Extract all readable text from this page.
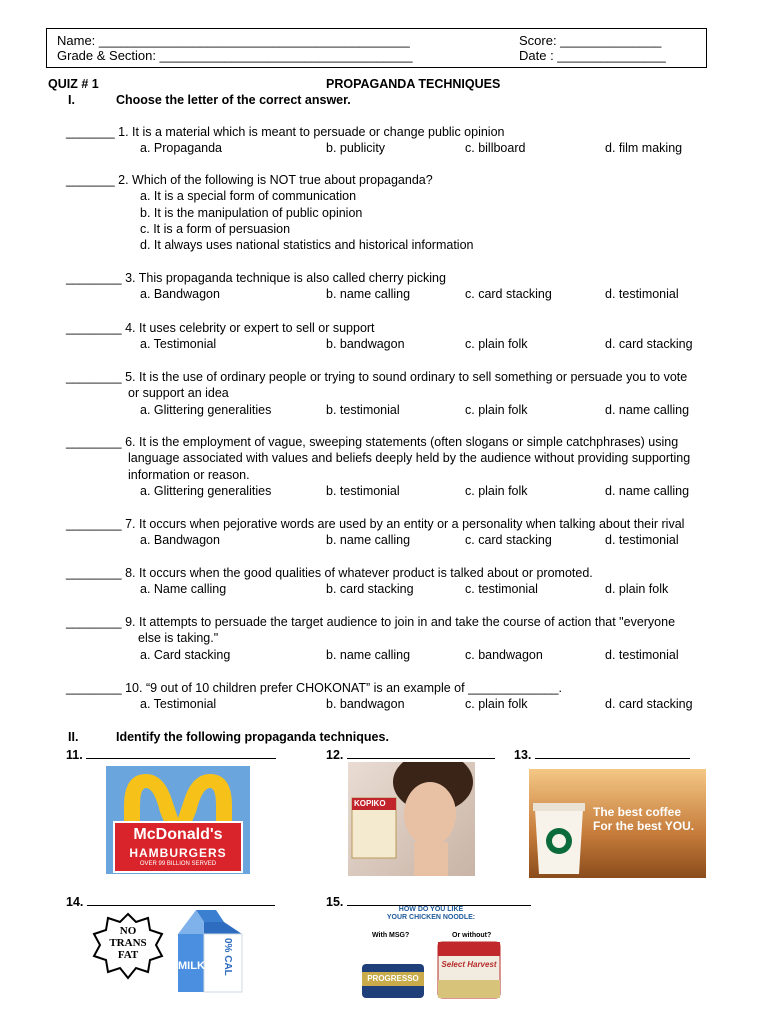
Name: ___________________________________________
Grade & Section: ___________________________________
Score: ______________
Date : _______________
QUIZ # 1	PROPAGANDA TECHNIQUES
I.	Choose the letter of the correct answer.
_______ 1. It is a material which is meant to persuade or change public opinion
a. Propaganda	b. publicity	c. billboard	d. film making
_______ 2. Which of the following is NOT true about propaganda?
a. It is a special form of communication
b. It is the manipulation of public opinion
c. It is a form of persuasion
d. It always uses national statistics and historical information
________ 3. This propaganda technique is also called cherry picking
a. Bandwagon	b. name calling	c. card stacking	d. testimonial
________ 4. It uses celebrity or expert to sell or support
a. Testimonial	b. bandwagon	c. plain folk	d. card stacking
________ 5. It is the use of ordinary people or trying to sound ordinary to sell something or persuade you to vote
or support an idea
a. Glittering generalities	b. testimonial	c. plain folk	d. name calling
________ 6. It is the employment of vague, sweeping statements (often slogans or simple catchphrases) using
language associated with values and beliefs deeply held by the audience without providing supporting
information or reason.
a. Glittering generalities	b. testimonial	c. plain folk	d. name calling
________ 7. It occurs when pejorative words are used by an entity or a personality when talking about their rival
a. Bandwagon	b. name calling	c. card stacking	d. testimonial
________ 8. It occurs when the good qualities of whatever product is talked about or promoted.
a. Name calling	b. card stacking	c. testimonial	d. plain folk
________ 9. It attempts to persuade the target audience to join in and take the course of action that "everyone
else is taking."
a. Card stacking	b. name calling	c. bandwagon	d. testimonial
________ 10. “9 out of 10 children prefer CHOKONAT” is an example of _____________.
a. Testimonial	b. bandwagon	c. plain folk	d. card stacking
II.	Identify the following propaganda techniques.
11.	12.	13.
14.	15.
McDonald's
HAMBURGERS
OVER 99 BILLION SERVED
KOPIKO
The best coffee
For the best YOU.
NO
TRANS
FAT
MILK 0% CAL
HOW DO YOU LIKE
YOUR CHICKEN NOODLE:
With MSG?	Or without?
PROGRESSO
Select Harvest
